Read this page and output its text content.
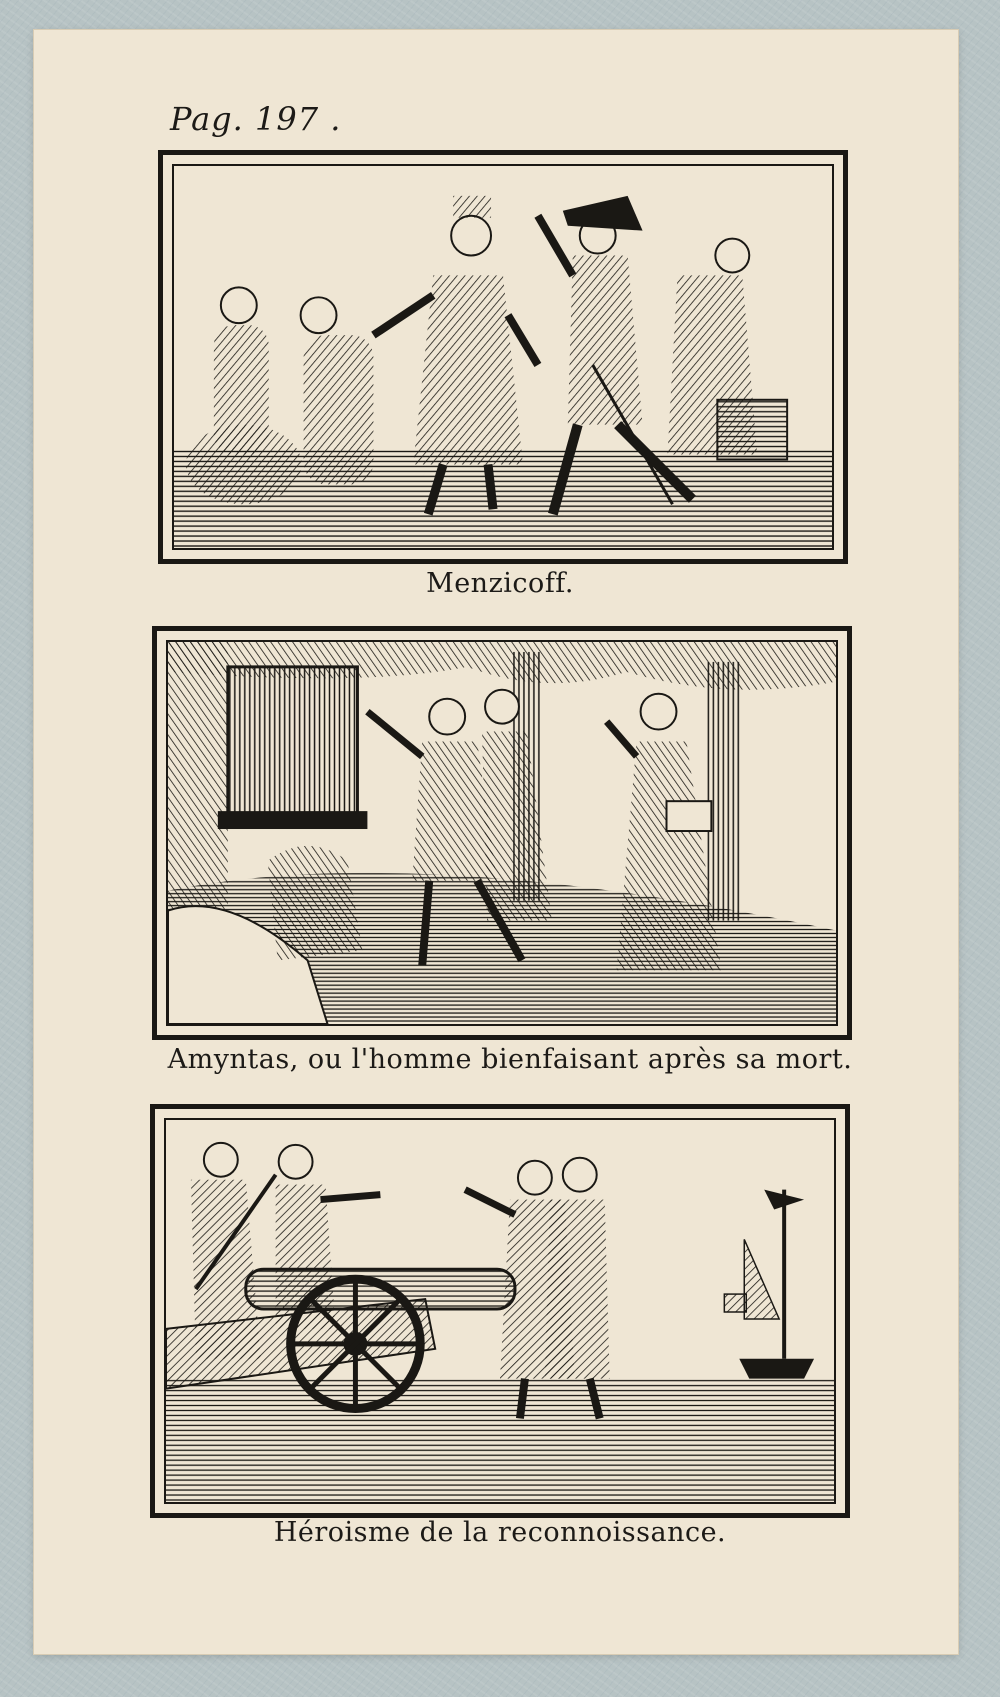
Pag. 197 .
Menzicoff.
Amyntas, ou l'homme bienfaisant après sa mort.
Héroisme de la reconnoissance.
